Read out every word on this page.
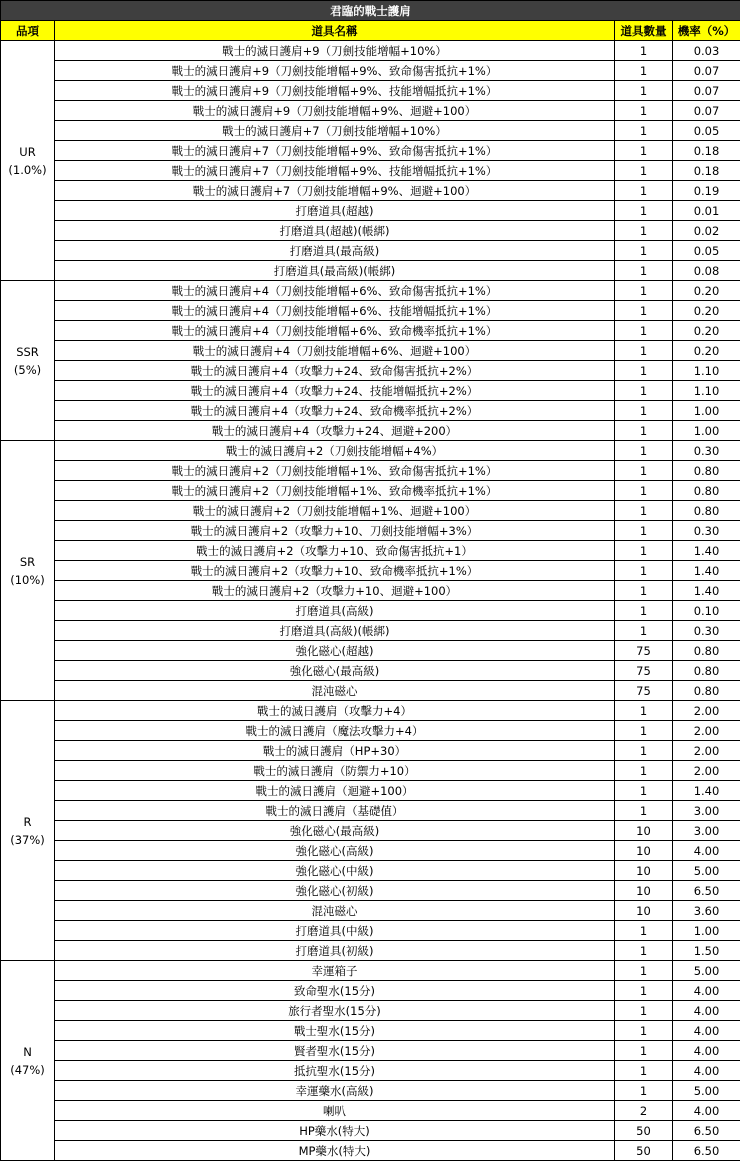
君臨的戰士護肩			
品項	道具名稱	道具數量	機率（%）

UR
(1.0%)	戰士的滅日護肩+9（刀劍技能增幅+10%）	1	0.03
	戰士的滅日護肩+9（刀劍技能增幅+9%、致命傷害抵抗+1%）	1	0.07
	戰士的滅日護肩+9（刀劍技能增幅+9%、技能增幅抵抗+1%）	1	0.07
	戰士的滅日護肩+9（刀劍技能增幅+9%、迴避+100）	1	0.07
	戰士的滅日護肩+7（刀劍技能增幅+10%）	1	0.05
	戰士的滅日護肩+7（刀劍技能增幅+9%、致命傷害抵抗+1%）	1	0.18
	戰士的滅日護肩+7（刀劍技能增幅+9%、技能增幅抵抗+1%）	1	0.18
	戰士的滅日護肩+7（刀劍技能增幅+9%、迴避+100）	1	0.19
	打磨道具(超越)	1	0.01
	打磨道具(超越)(帳綁)	1	0.02
	打磨道具(最高級)	1	0.05
	打磨道具(最高級)(帳綁)	1	0.08

SSR
(5%)	戰士的滅日護肩+4（刀劍技能增幅+6%、致命傷害抵抗+1%）	1	0.20
	戰士的滅日護肩+4（刀劍技能增幅+6%、技能增幅抵抗+1%）	1	0.20
	戰士的滅日護肩+4（刀劍技能增幅+6%、致命機率抵抗+1%）	1	0.20
	戰士的滅日護肩+4（刀劍技能增幅+6%、迴避+100）	1	0.20
	戰士的滅日護肩+4（攻擊力+24、致命傷害抵抗+2%）	1	1.10
	戰士的滅日護肩+4（攻擊力+24、技能增幅抵抗+2%）	1	1.10
	戰士的滅日護肩+4（攻擊力+24、致命機率抵抗+2%）	1	1.00
	戰士的滅日護肩+4（攻擊力+24、迴避+200）	1	1.00

SR
(10%)	戰士的滅日護肩+2（刀劍技能增幅+4%）	1	0.30
	戰士的滅日護肩+2（刀劍技能增幅+1%、致命傷害抵抗+1%）	1	0.80
	戰士的滅日護肩+2（刀劍技能增幅+1%、致命機率抵抗+1%）	1	0.80
	戰士的滅日護肩+2（刀劍技能增幅+1%、迴避+100）	1	0.80
	戰士的滅日護肩+2（攻擊力+10、刀劍技能增幅+3%）	1	0.30
	戰士的滅日護肩+2（攻擊力+10、致命傷害抵抗+1）	1	1.40
	戰士的滅日護肩+2（攻擊力+10、致命機率抵抗+1%）	1	1.40
	戰士的滅日護肩+2（攻擊力+10、迴避+100）	1	1.40
	打磨道具(高級)	1	0.10
	打磨道具(高級)(帳綁)	1	0.30
	強化磁心(超越)	75	0.80
	強化磁心(最高級)	75	0.80
	混沌磁心	75	0.80

R
(37%)	戰士的滅日護肩（攻擊力+4）	1	2.00
	戰士的滅日護肩（魔法攻擊力+4）	1	2.00
	戰士的滅日護肩（HP+30）	1	2.00
	戰士的滅日護肩（防禦力+10）	1	2.00
	戰士的滅日護肩（迴避+100）	1	1.40
	戰士的滅日護肩（基礎值）	1	3.00
	強化磁心(最高級)	10	3.00
	強化磁心(高級)	10	4.00
	強化磁心(中級)	10	5.00
	強化磁心(初級)	10	6.50
	混沌磁心	10	3.60
	打磨道具(中級)	1	1.00
	打磨道具(初級)	1	1.50

N
(47%)	幸運箱子	1	5.00
	致命聖水(15分)	1	4.00
	旅行者聖水(15分)	1	4.00
	戰士聖水(15分)	1	4.00
	賢者聖水(15分)	1	4.00
	抵抗聖水(15分)	1	4.00
	幸運藥水(高級)	1	5.00
	喇叭	2	4.00
	HP藥水(特大)	50	6.50
	MP藥水(特大)	50	6.50
